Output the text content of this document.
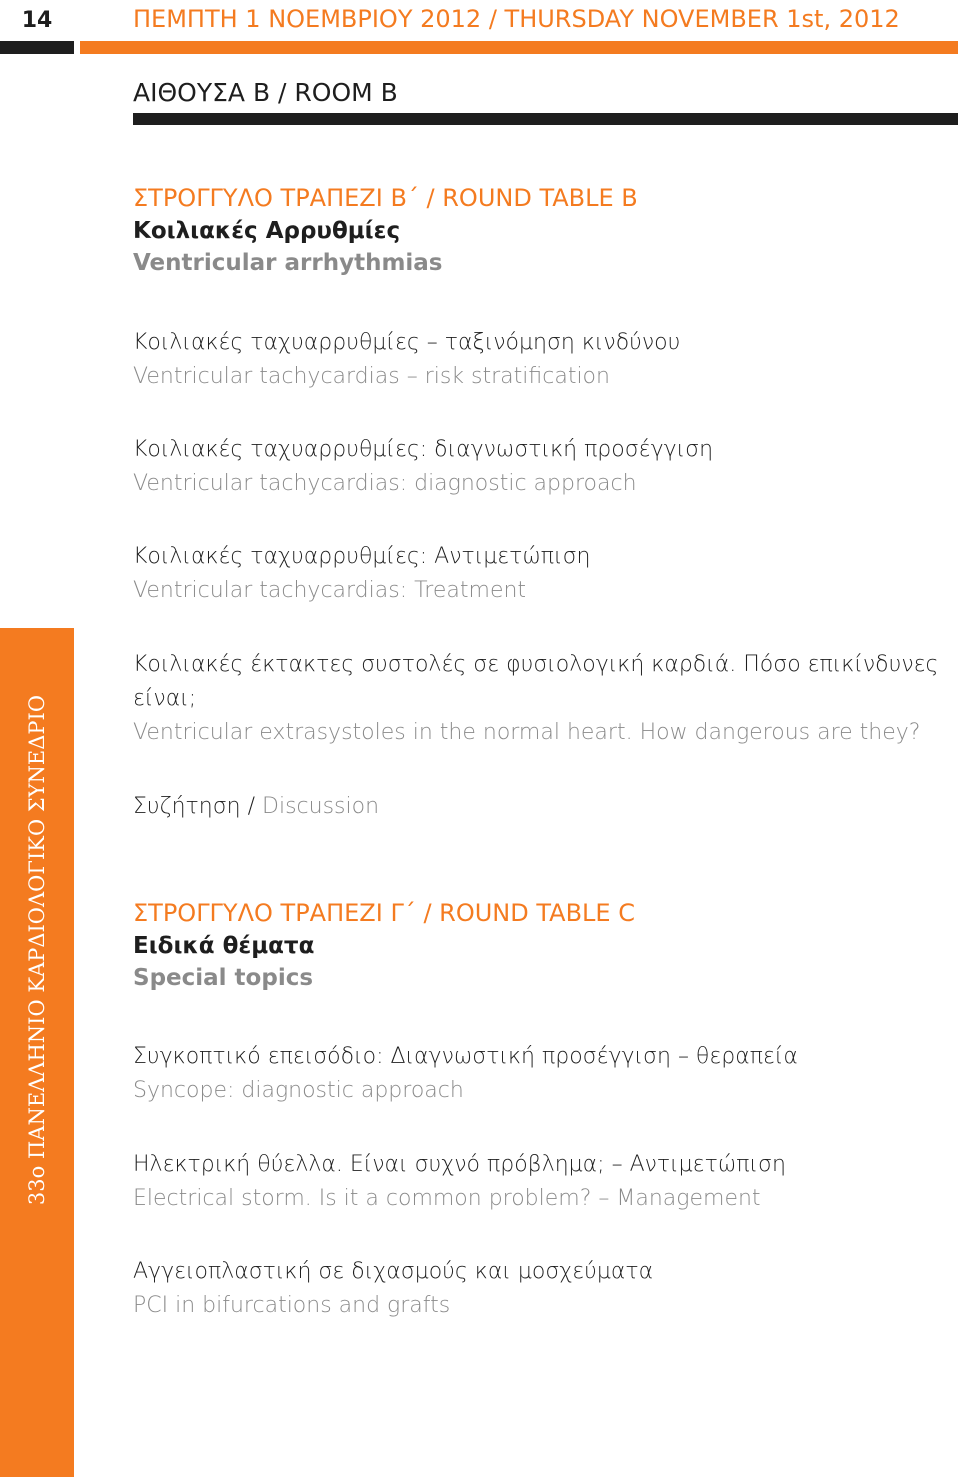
14	ΠΕΜΠΤΗ 1 ΝΟΕΜΒΡΙΟΥ 2012 / THURSDAY NOVEMBER 1st, 2012
ΑΙΘΟΥΣΑ Β / ROOM B
33ο ΠΑΝΕΛΛΗΝΙΟ ΚΑΡΔΙΟΛΟΓΙΚΟ ΣΥΝΕΔΡΙΟ
ΣΤΡΟΓΓΥΛΟ ΤΡΑΠΕΖΙ Β΄ / ROUND TABLE B
Κοιλιακές Αρρυθμίες
Ventricular arrhythmias
Κοιλιακές ταχυαρρυθμίες – ταξινόμηση κινδύνου
Ventricular tachycardias – risk stratification
Κοιλιακές ταχυαρρυθμίες: διαγνωστική προσέγγιση
Ventricular tachycardias: diagnostic approach
Κοιλιακές ταχυαρρυθμίες: Αντιμετώπιση
Ventricular tachycardias: Treatment
Κοιλιακές έκτακτες συστολές σε φυσιολογική καρδιά. Πόσο επικίνδυνες είναι;
Ventricular extrasystoles in the normal heart. How dangerous are they?
Συζήτηση / Discussion
ΣΤΡΟΓΓΥΛΟ ΤΡΑΠΕΖΙ Γ΄ / ROUND TABLE C
Ειδικά θέματα
Special topics
Συγκοπτικό επεισόδιο: Διαγνωστική προσέγγιση – θεραπεία
Syncope: diagnostic approach
Ηλεκτρική θύελλα. Είναι συχνό πρόβλημα; – Αντιμετώπιση
Electrical storm. Is it a common problem? – Management
Αγγειοπλαστική σε διχασμούς και μοσχεύματα
PCI in bifurcations and grafts
